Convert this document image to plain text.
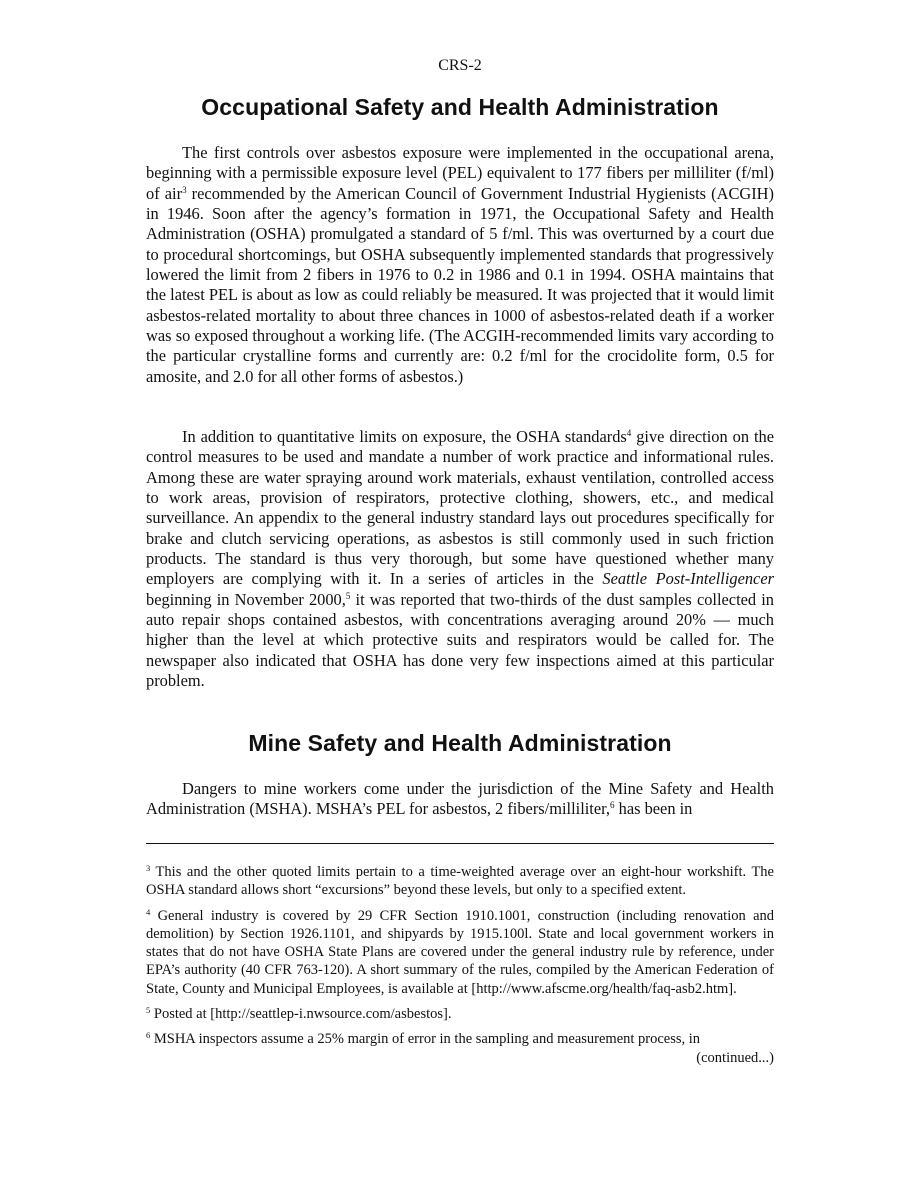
CRS-2
Occupational Safety and Health Administration

The first controls over asbestos exposure were implemented in the occupational arena, beginning with a permissible exposure level (PEL) equivalent to 177 fibers per milliliter (f/ml) of air$^3$ recommended by the American Council of Government Industrial Hygienists (ACGIH) in 1946. Soon after the agency’s formation in 1971, the Occupational Safety and Health Administration (OSHA) promulgated a standard of 5 f/ml. This was overturned by a court due to procedural shortcomings, but OSHA subsequently implemented standards that progressively lowered the limit from 2 fibers in 1976 to 0.2 in 1986 and 0.1 in 1994. OSHA maintains that the latest PEL is about as low as could reliably be measured. It was projected that it would limit asbestos-related mortality to about three chances in 1000 of asbestos-related death if a worker was so exposed throughout a working life. (The ACGIH-recommended limits vary according to the particular crystalline forms and currently are: 0.2 f/ml for the crocidolite form, 0.5 for amosite, and 2.0 for all other forms of asbestos.)

In addition to quantitative limits on exposure, the OSHA standards$^4$ give direction on the control measures to be used and mandate a number of work practice and informational rules. Among these are water spraying around work materials, exhaust ventilation, controlled access to work areas, provision of respirators, protective clothing, showers, etc., and medical surveillance. An appendix to the general industry standard lays out procedures specifically for brake and clutch servicing operations, as asbestos is still commonly used in such friction products. The standard is thus very thorough, but some have questioned whether many employers are complying with it. In a series of articles in the Seattle Post-Intelligencer beginning in November 2000,$^5$ it was reported that two-thirds of the dust samples collected in auto repair shops contained asbestos, with concentrations averaging around 20% — much higher than the level at which protective suits and respirators would be called for. The newspaper also indicated that OSHA has done very few inspections aimed at this particular problem.

Mine Safety and Health Administration

Dangers to mine workers come under the jurisdiction of the Mine Safety and Health Administration (MSHA). MSHA’s PEL for asbestos, 2 fibers/milliliter,$^6$ has been in

$^3$ This and the other quoted limits pertain to a time-weighted average over an eight-hour workshift. The OSHA standard allows short “excursions” beyond these levels, but only to a specified extent.

$^4$ General industry is covered by 29 CFR Section 1910.1001, construction (including renovation and demolition) by Section 1926.1101, and shipyards by 1915.100l. State and local government workers in states that do not have OSHA State Plans are covered under the general industry rule by reference, under EPA’s authority (40 CFR 763-120). A short summary of the rules, compiled by the American Federation of State, County and Municipal Employees, is available at [http://www.afscme.org/health/faq-asb2.htm].

$^5$ Posted at [http://seattlep-i.nwsource.com/asbestos].

$^6$ MSHA inspectors assume a 25% margin of error in the sampling and measurement process, in

(continued...)
